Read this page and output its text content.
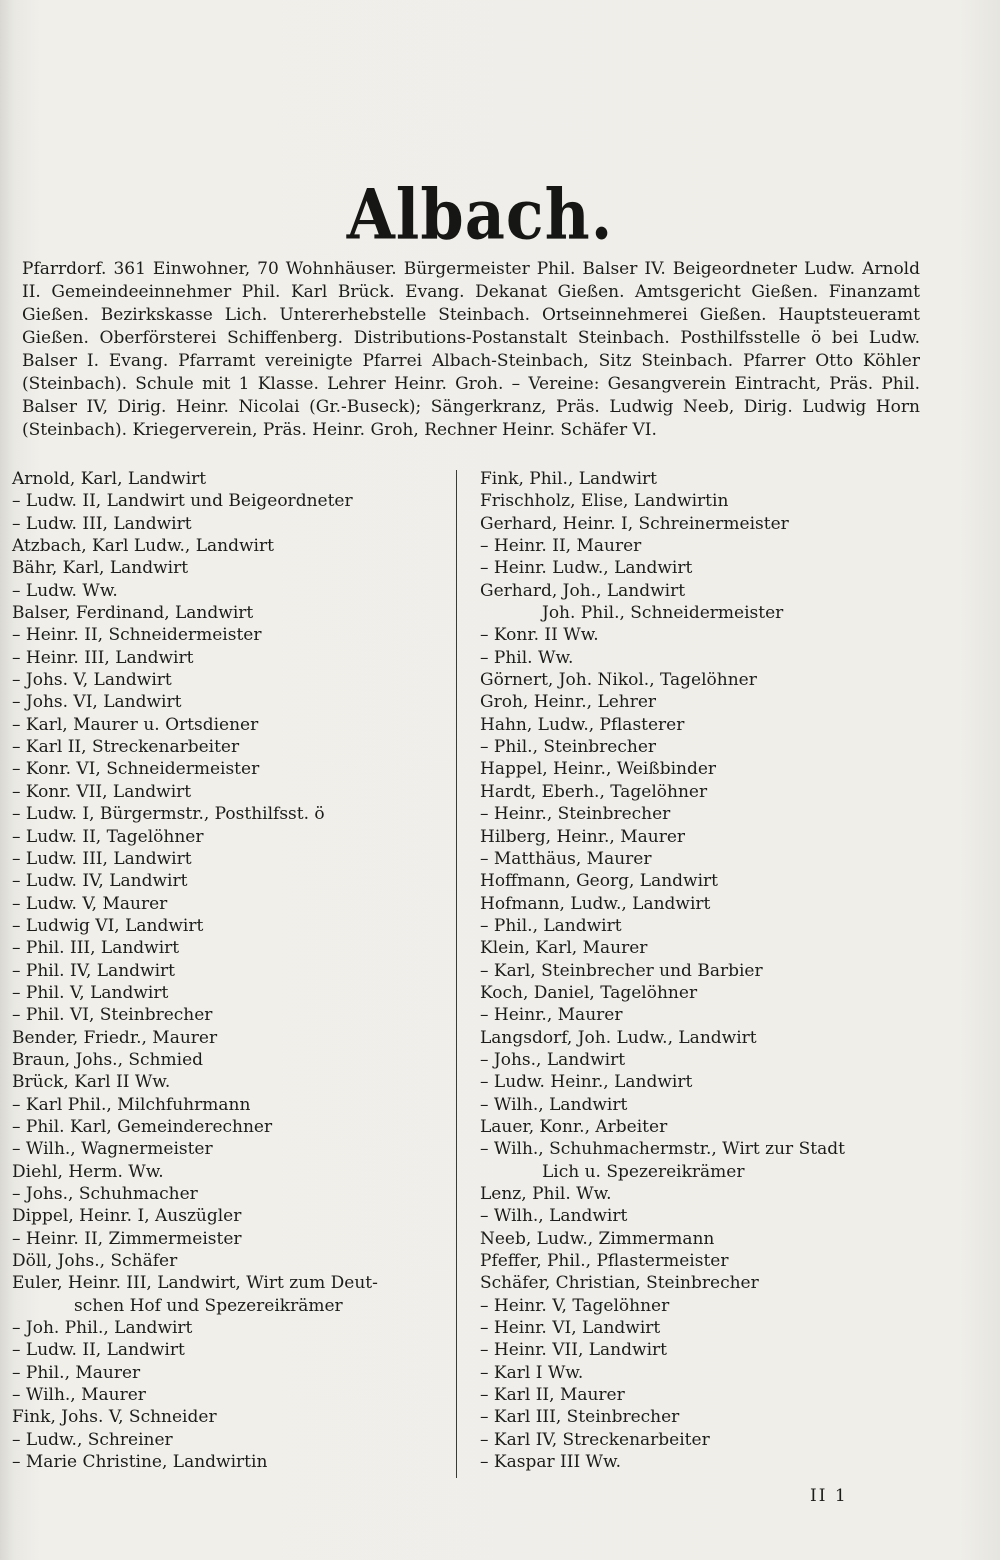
Albach.

Pfarrdorf. 361 Einwohner, 70 Wohnhäuser. Bürgermeister Phil. Balser IV. Beigeordneter Ludw. Arnold II. Gemeindeeinnehmer Phil. Karl Brück. Evang. Dekanat Gießen. Amtsgericht Gießen. Finanzamt Gießen. Bezirkskasse Lich. Untererhebstelle Steinbach. Ortseinnehmerei Gießen. Hauptsteueramt Gießen. Oberförsterei Schiffenberg. Distributions-Postanstalt Steinbach. Posthilfsstelle ö bei Ludw. Balser I. Evang. Pfarramt vereinigte Pfarrei Albach-Steinbach, Sitz Steinbach. Pfarrer Otto Köhler (Steinbach). Schule mit 1 Klasse. Lehrer Heinr. Groh. – Vereine: Gesangverein Eintracht, Präs. Phil. Balser IV, Dirig. Heinr. Nicolai (Gr.-Buseck); Sängerkranz, Präs. Ludwig Neeb, Dirig. Ludwig Horn (Steinbach). Kriegerverein, Präs. Heinr. Groh, Rechner Heinr. Schäfer VI.

Arnold, Karl, Landwirt
– Ludw. II, Landwirt und Beigeordneter
– Ludw. III, Landwirt
Atzbach, Karl Ludw., Landwirt
Bähr, Karl, Landwirt
– Ludw. Ww.
Balser, Ferdinand, Landwirt
– Heinr. II, Schneidermeister
– Heinr. III, Landwirt
– Johs. V, Landwirt
– Johs. VI, Landwirt
– Karl, Maurer u. Ortsdiener
– Karl II, Streckenarbeiter
– Konr. VI, Schneidermeister
– Konr. VII, Landwirt
– Ludw. I, Bürgermstr., Posthilfsst. ö
– Ludw. II, Tagelöhner
– Ludw. III, Landwirt
– Ludw. IV, Landwirt
– Ludw. V, Maurer
– Ludwig VI, Landwirt
– Phil. III, Landwirt
– Phil. IV, Landwirt
– Phil. V, Landwirt
– Phil. VI, Steinbrecher
Bender, Friedr., Maurer
Braun, Johs., Schmied
Brück, Karl II Ww.
– Karl Phil., Milchfuhrmann
– Phil. Karl, Gemeinderechner
– Wilh., Wagnermeister
Diehl, Herm. Ww.
– Johs., Schuhmacher
Dippel, Heinr. I, Auszügler
– Heinr. II, Zimmermeister
Döll, Johs., Schäfer
Euler, Heinr. III, Landwirt, Wirt zum Deut-
schen Hof und Spezereikrämer
– Joh. Phil., Landwirt
– Ludw. II, Landwirt
– Phil., Maurer
– Wilh., Maurer
Fink, Johs. V, Schneider
– Ludw., Schreiner
– Marie Christine, Landwirtin
Fink, Phil., Landwirt
Frischholz, Elise, Landwirtin
Gerhard, Heinr. I, Schreinermeister
– Heinr. II, Maurer
– Heinr. Ludw., Landwirt
Gerhard, Joh., Landwirt
Joh. Phil., Schneidermeister
– Konr. II Ww.
– Phil. Ww.
Görnert, Joh. Nikol., Tagelöhner
Groh, Heinr., Lehrer
Hahn, Ludw., Pflasterer
– Phil., Steinbrecher
Happel, Heinr., Weißbinder
Hardt, Eberh., Tagelöhner
– Heinr., Steinbrecher
Hilberg, Heinr., Maurer
– Matthäus, Maurer
Hoffmann, Georg, Landwirt
Hofmann, Ludw., Landwirt
– Phil., Landwirt
Klein, Karl, Maurer
– Karl, Steinbrecher und Barbier
Koch, Daniel, Tagelöhner
– Heinr., Maurer
Langsdorf, Joh. Ludw., Landwirt
– Johs., Landwirt
– Ludw. Heinr., Landwirt
– Wilh., Landwirt
Lauer, Konr., Arbeiter
– Wilh., Schuhmachermstr., Wirt zur Stadt
Lich u. Spezereikrämer
Lenz, Phil. Ww.
– Wilh., Landwirt
Neeb, Ludw., Zimmermann
Pfeffer, Phil., Pflastermeister
Schäfer, Christian, Steinbrecher
– Heinr. V, Tagelöhner
– Heinr. VI, Landwirt
– Heinr. VII, Landwirt
– Karl I Ww.
– Karl II, Maurer
– Karl III, Steinbrecher
– Karl IV, Streckenarbeiter
– Kaspar III Ww.
II 1
